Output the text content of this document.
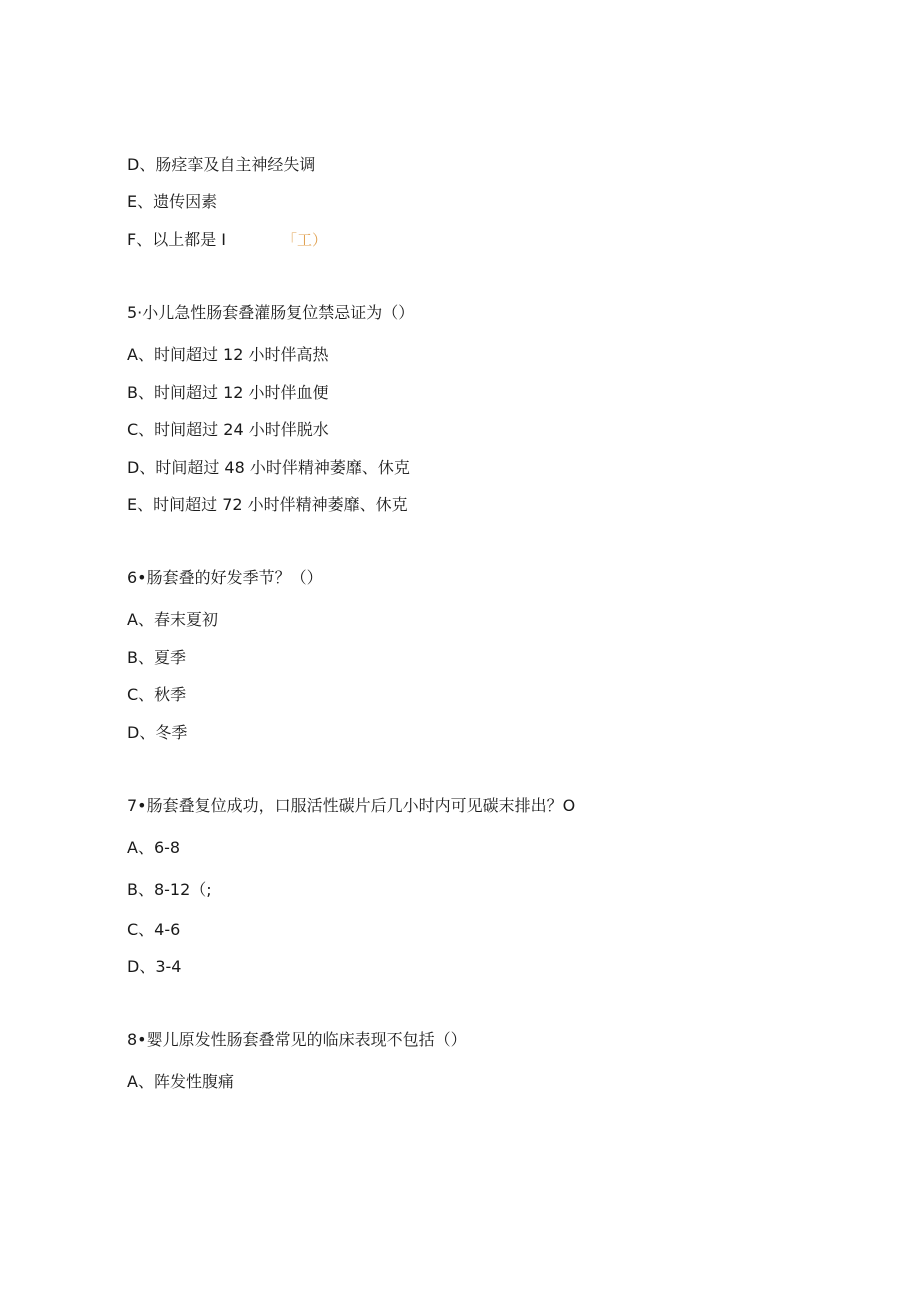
D、肠痉挛及自主神经失调
E、遗传因素
F、以上都是 I	「工）
5·小儿急性肠套叠灌肠复位禁忌证为（）
A、时间超过 12 小时伴高热
B、时间超过 12 小时伴血便
C、时间超过 24 小时伴脱水
D、时间超过 48 小时伴精神萎靡、休克
E、时间超过 72 小时伴精神萎靡、休克
6•肠套叠的好发季节？（）
A、春末夏初
B、夏季
C、秋季
D、冬季
7•肠套叠复位成功，口服活性碳片后几小时内可见碳末排出？O
A、6-8
B、8-12（;
C、4-6
D、3-4
8•婴儿原发性肠套叠常见的临床表现不包括（）
A、阵发性腹痛
